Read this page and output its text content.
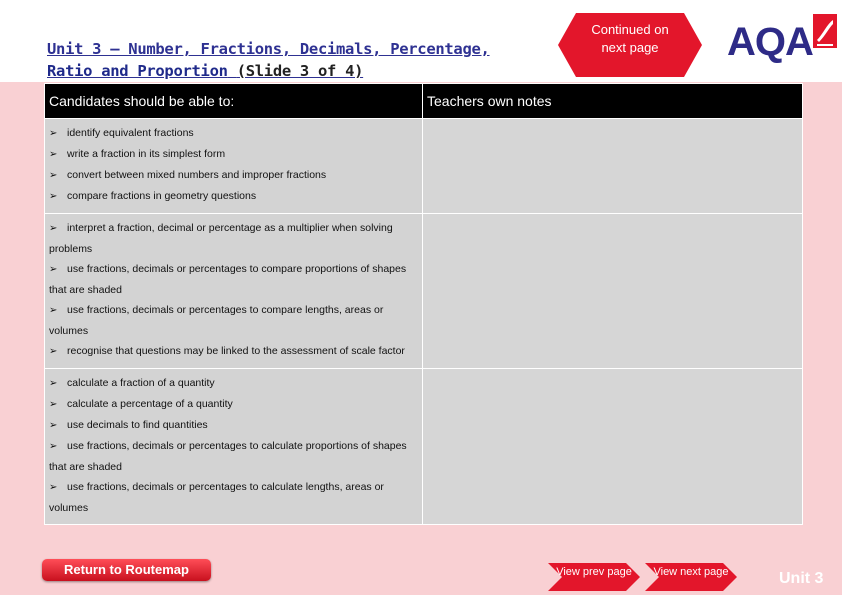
Unit 3 – Number, Fractions, Decimals, Percentage,
Ratio and Proportion (Slide 3 of 4)
Continued on next page	AQA
Candidates should be able to:	Teachers own notes

➢ identify equivalent fractions
➢ write a fraction in its simplest form
➢ convert between mixed numbers and improper fractions
➢ compare fractions in geometry questions	

➢ interpret a fraction, decimal or percentage as a multiplier when solving problems
➢ use fractions, decimals or percentages to compare proportions of shapes that are shaded
➢ use fractions, decimals or percentages to compare lengths, areas or volumes
➢ recognise that questions may be linked to the assessment of scale factor	

➢ calculate a fraction of a quantity
➢ calculate a percentage of a quantity
➢ use decimals to find quantities
➢ use fractions, decimals or percentages to calculate proportions of shapes that are shaded
➢ use fractions, decimals or percentages to calculate lengths, areas or volumes	

Return to Routemap	View prev page	View next page	Unit 3
